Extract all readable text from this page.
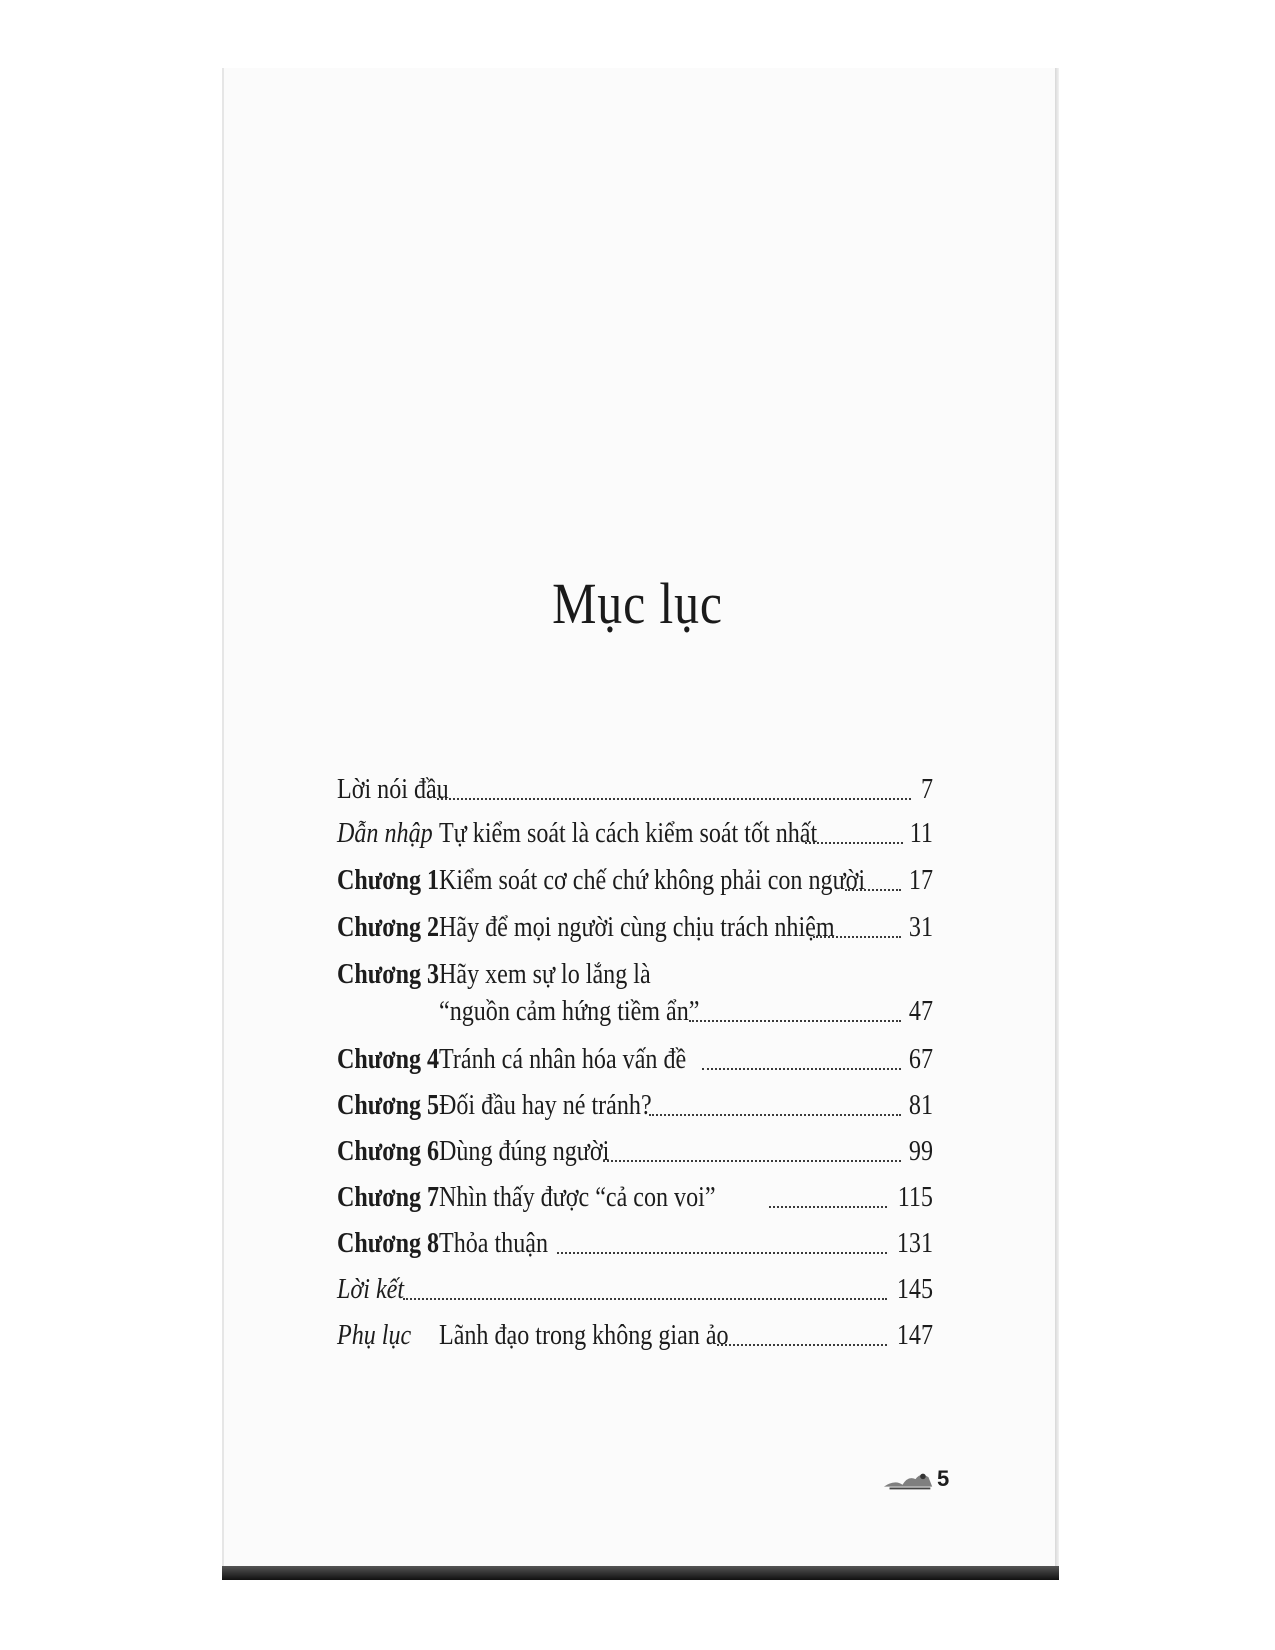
Mục lục
Lời nói đầu	7
Dẫn nhập Tự kiểm soát là cách kiểm soát tốt nhất	11
Chương 1 Kiểm soát cơ chế chứ không phải con người 17
Chương 2 Hãy để mọi người cùng chịu trách nhiệm	31
Chương 3 Hãy xem sự lo lắng là
“nguồn cảm hứng tiềm ẩn”	47
Chương 4 Tránh cá nhân hóa vấn đề	67
Chương 5 Đối đầu hay né tránh?	81
Chương 6 Dùng đúng người	99
Chương 7 Nhìn thấy được “cả con voi”	115
Chương 8 Thỏa thuận	131
Lời kết	145
Phụ lục Lãnh đạo trong không gian ảo	147
5
